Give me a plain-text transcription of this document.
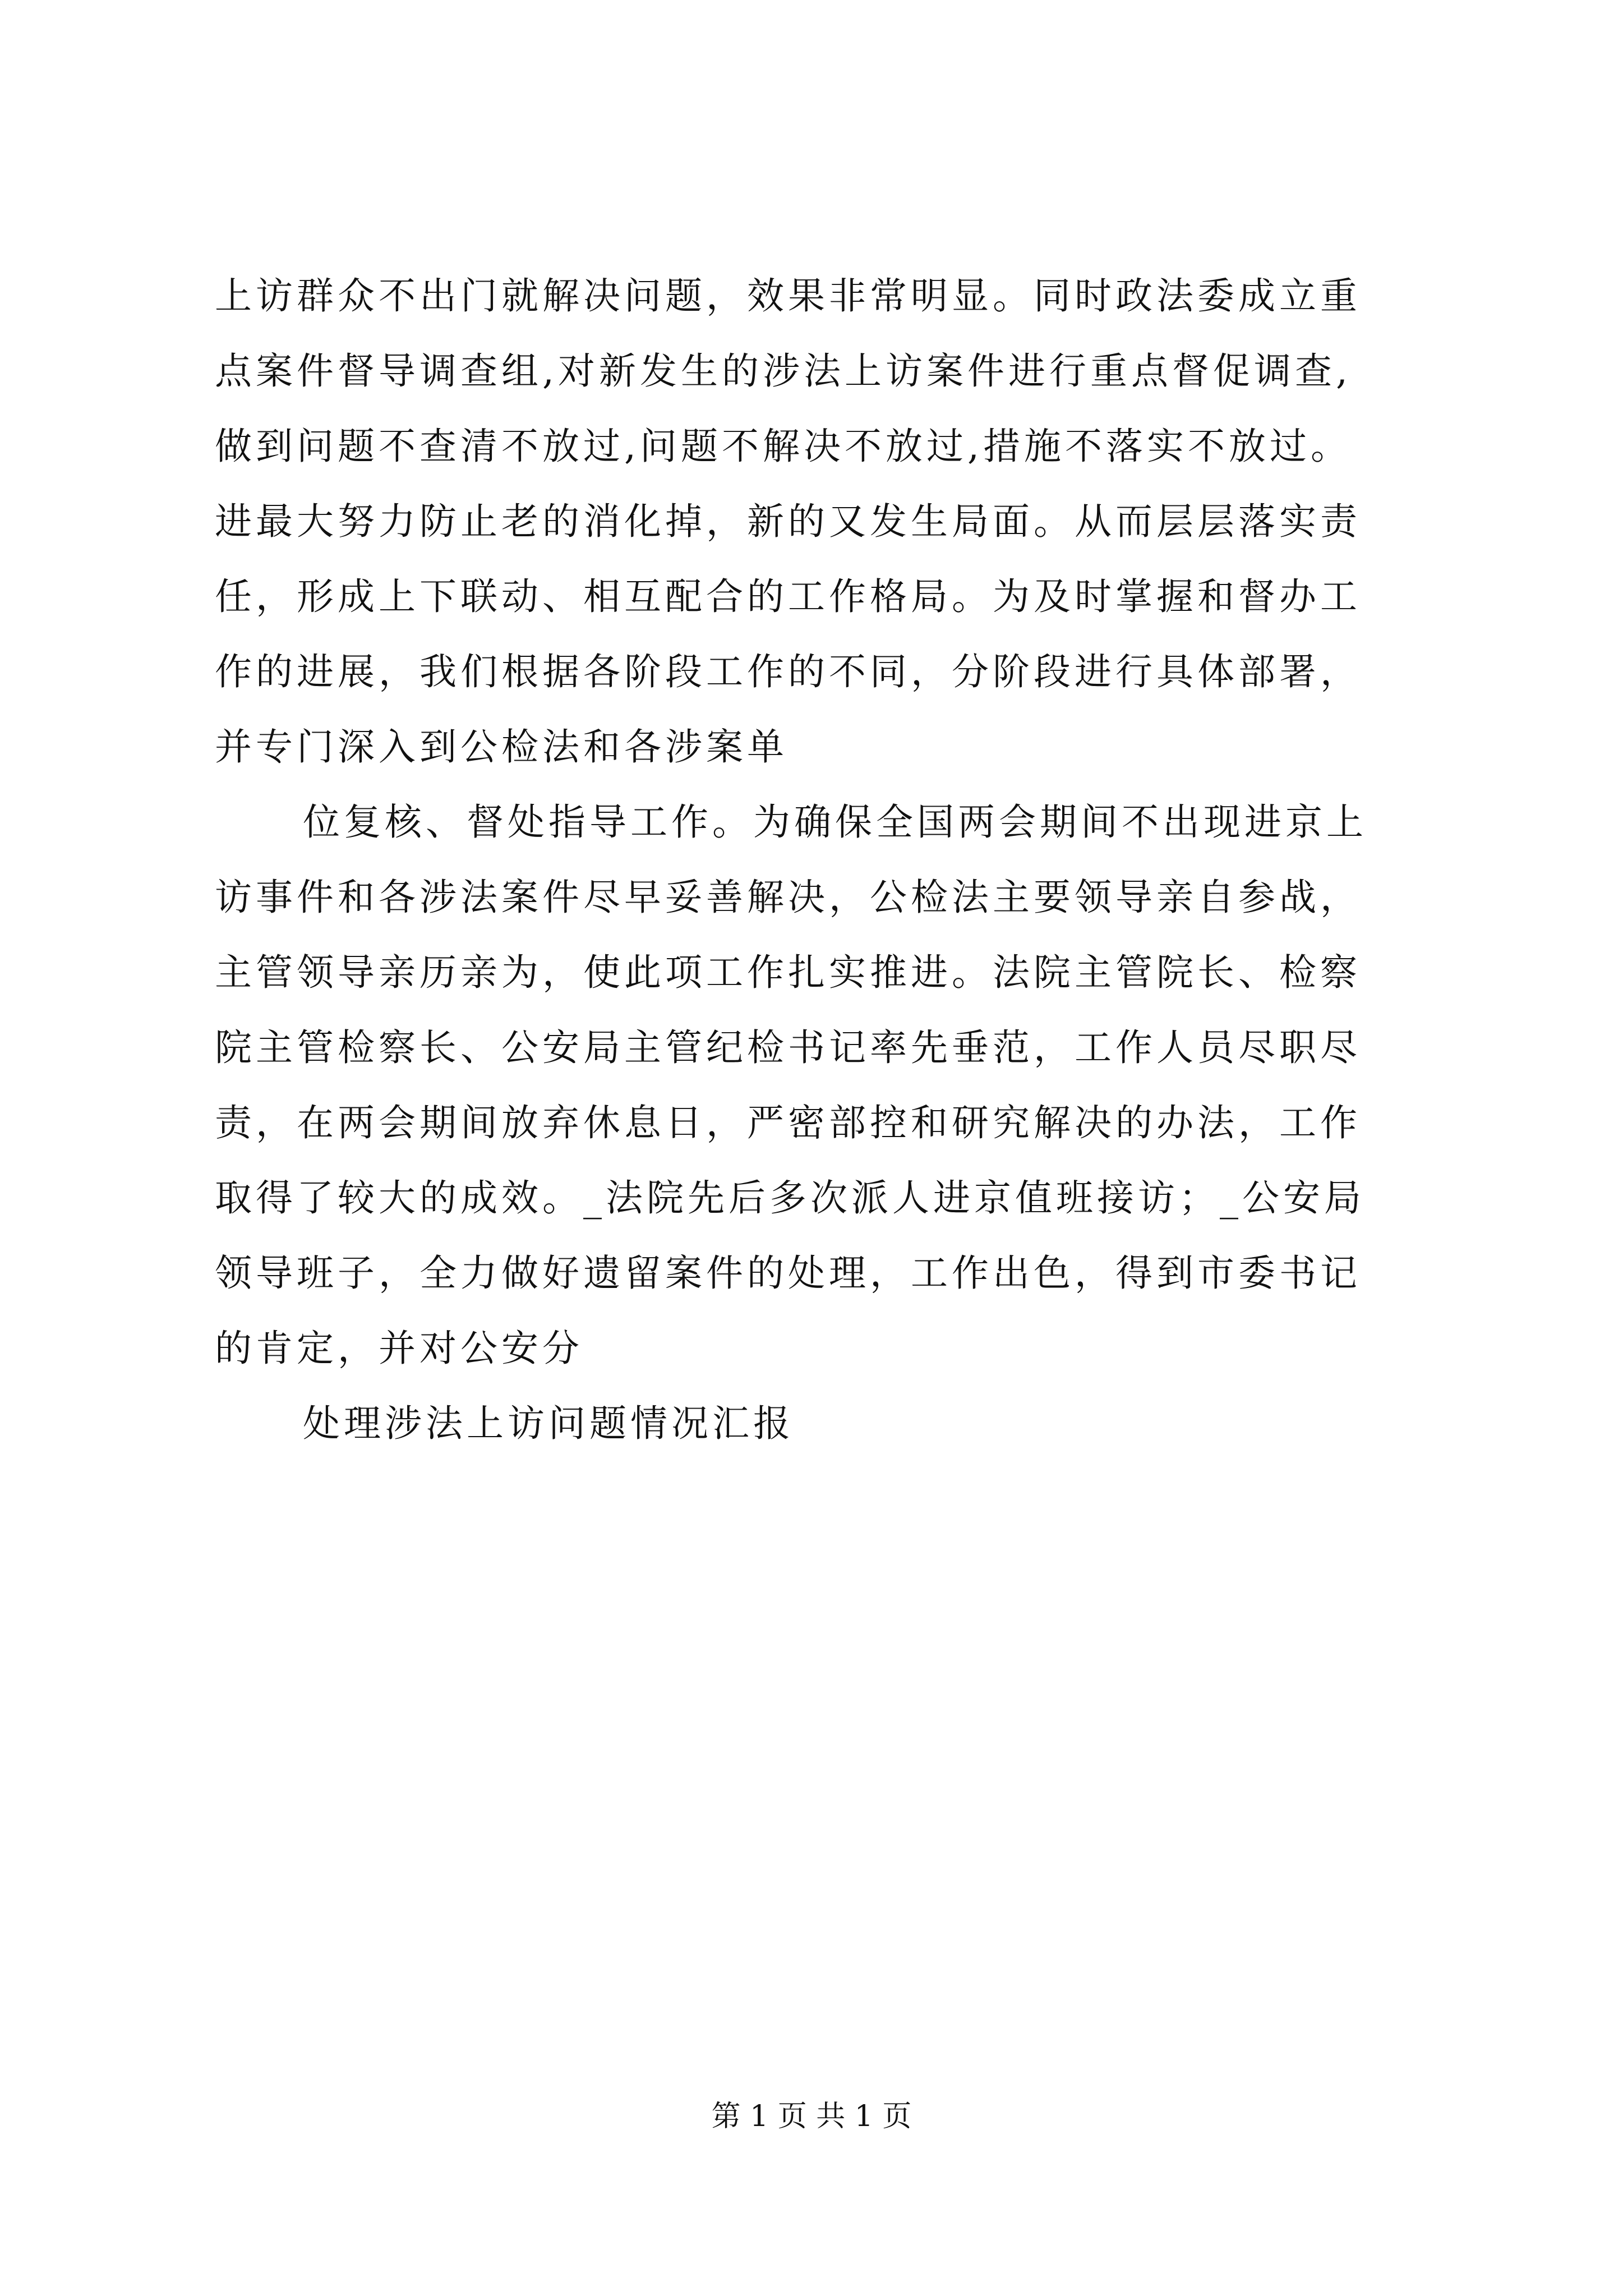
上访群众不出门就解决问题，效果非常明显。同时政法委成立重
点案件督导调查组,对新发生的涉法上访案件进行重点督促调查,
做到问题不查清不放过,问题不解决不放过,措施不落实不放过。
进最大努力防止老的消化掉，新的又发生局面。从而层层落实责
任，形成上下联动、相互配合的工作格局。为及时掌握和督办工
作的进展，我们根据各阶段工作的不同，分阶段进行具体部署，
并专门深入到公检法和各涉案单
位复核、督处指导工作。为确保全国两会期间不出现进京上
访事件和各涉法案件尽早妥善解决，公检法主要领导亲自参战，
主管领导亲历亲为，使此项工作扎实推进。法院主管院长、检察
院主管检察长、公安局主管纪检书记率先垂范，工作人员尽职尽
责，在两会期间放弃休息日，严密部控和研究解决的办法，工作
取得了较大的成效。_法院先后多次派人进京值班接访；_公安局
领导班子，全力做好遗留案件的处理，工作出色，得到市委书记
的肯定，并对公安分
处理涉法上访问题情况汇报
第 1 页 共 1 页
